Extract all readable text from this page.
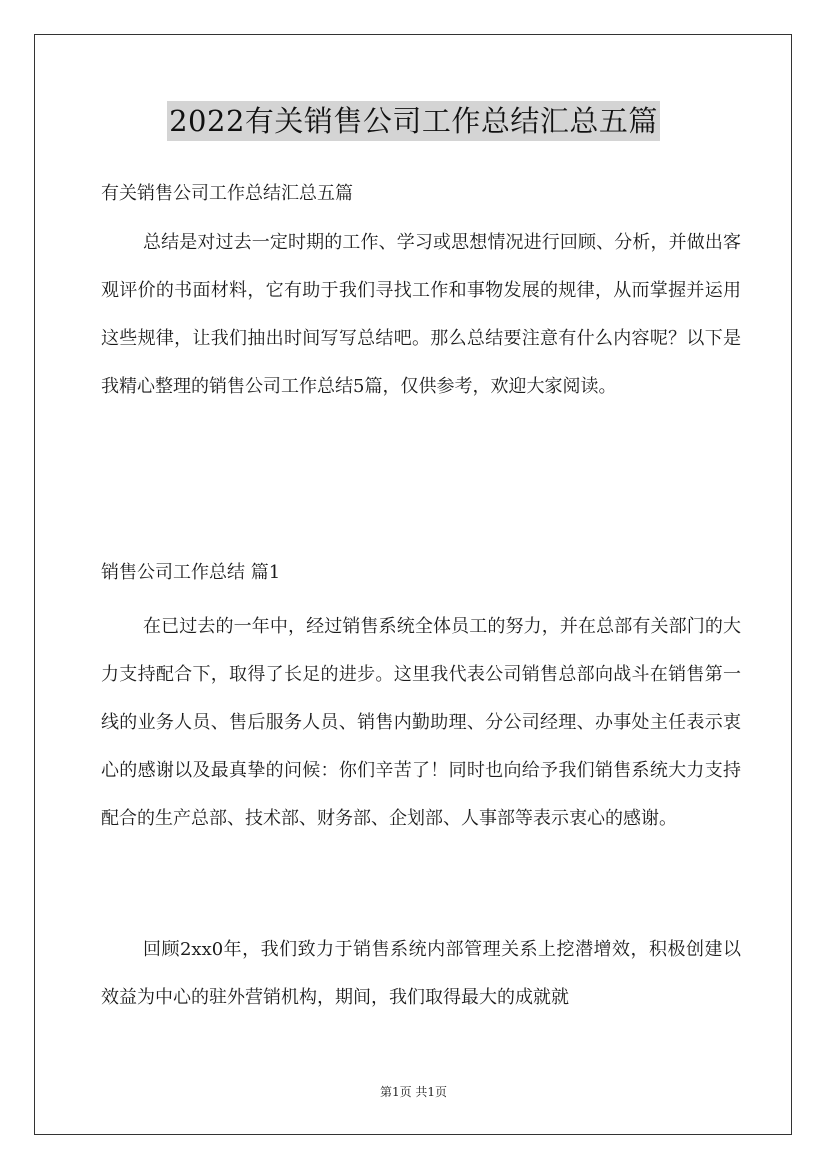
2022有关销售公司工作总结汇总五篇
有关销售公司工作总结汇总五篇

总结是对过去一定时期的工作、学习或思想情况进行回顾、分析，并做出客观评价的书面材料，它有助于我们寻找工作和事物发展的规律，从而掌握并运用这些规律，让我们抽出时间写写总结吧。那么总结要注意有什么内容呢？以下是我精心整理的销售公司工作总结5篇，仅供参考，欢迎大家阅读。

销售公司工作总结 篇1

在已过去的一年中，经过销售系统全体员工的努力，并在总部有关部门的大力支持配合下，取得了长足的进步。这里我代表公司销售总部向战斗在销售第一线的业务人员、售后服务人员、销售内勤助理、分公司经理、办事处主任表示衷心的感谢以及最真挚的问候：你们辛苦了！同时也向给予我们销售系统大力支持配合的生产总部、技术部、财务部、企划部、人事部等表示衷心的感谢。

回顾2xx0年，我们致力于销售系统内部管理关系上挖潜增效，积极创建以效益为中心的驻外营销机构，期间，我们取得最大的成就就

第1页 共1页
